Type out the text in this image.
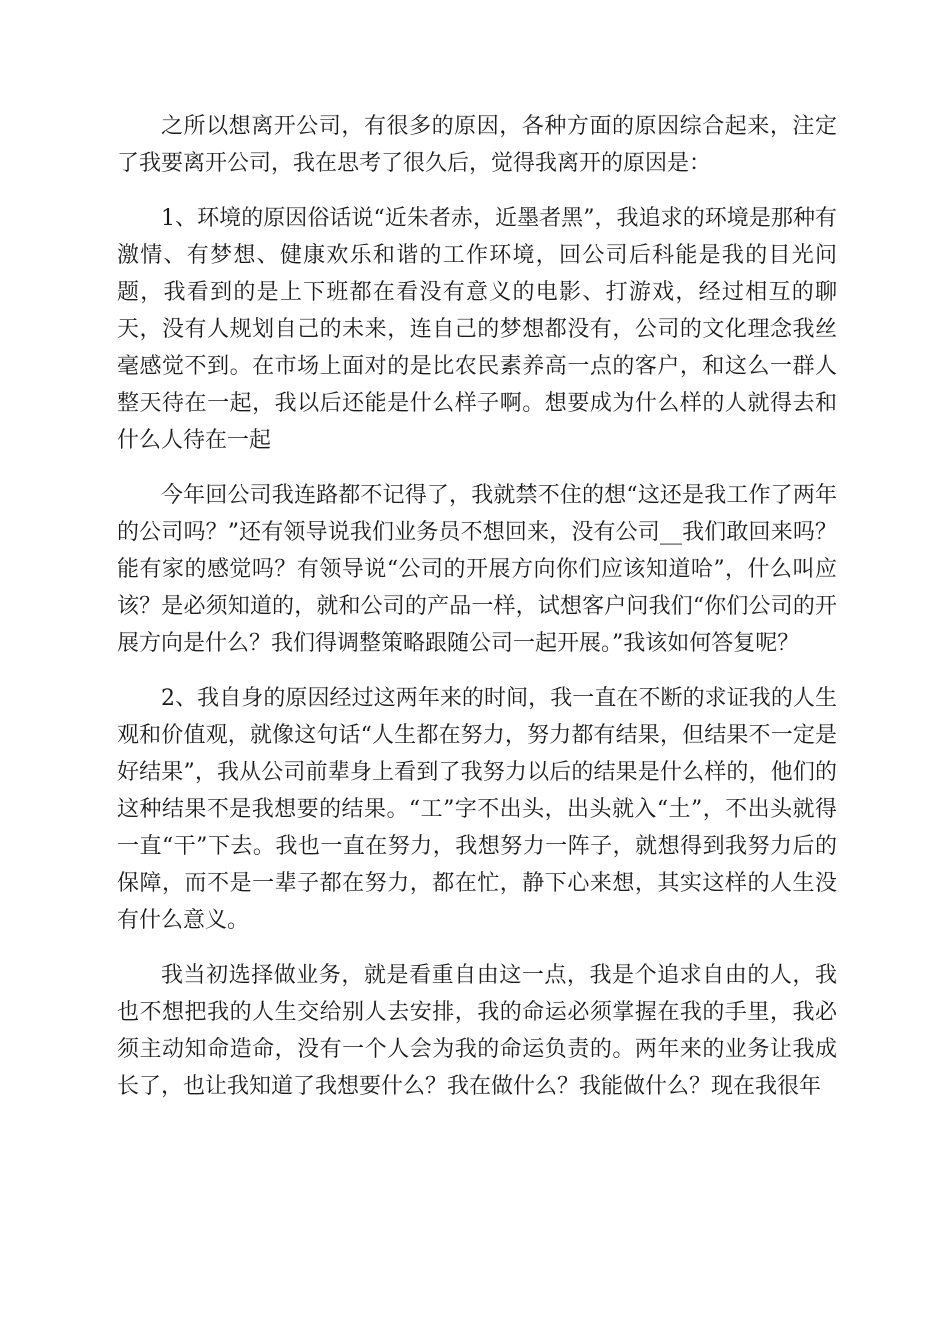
之所以想离开公司，有很多的原因，各种方面的原因综合起来，注定了我要离开公司，我在思考了很久后，觉得我离开的原因是：

1、环境的原因俗话说“近朱者赤，近墨者黑”，我追求的环境是那种有激情、有梦想、健康欢乐和谐的工作环境，回公司后科能是我的目光问题，我看到的是上下班都在看没有意义的电影、打游戏，经过相互的聊天，没有人规划自己的未来，连自己的梦想都没有，公司的文化理念我丝毫感觉不到。在市场上面对的是比农民素养高一点的客户，和这么一群人整天待在一起，我以后还能是什么样子啊。想要成为什么样的人就得去和什么人待在一起

今年回公司我连路都不记得了，我就禁不住的想“这还是我工作了两年的公司吗？”还有领导说我们业务员不想回来，没有公司__我们敢回来吗？能有家的感觉吗？有领导说“公司的开展方向你们应该知道哈”，什么叫应该？是必须知道的，就和公司的产品一样，试想客户问我们“你们公司的开展方向是什么？我们得调整策略跟随公司一起开展。”我该如何答复呢？

2、我自身的原因经过这两年来的时间，我一直在不断的求证我的人生观和价值观，就像这句话“人生都在努力，努力都有结果，但结果不一定是好结果”，我从公司前辈身上看到了我努力以后的结果是什么样的，他们的这种结果不是我想要的结果。“工”字不出头，出头就入“土”，不出头就得一直“干”下去。我也一直在努力，我想努力一阵子，就想得到我努力后的保障，而不是一辈子都在努力，都在忙，静下心来想，其实这样的人生没有什么意义。

我当初选择做业务，就是看重自由这一点，我是个追求自由的人，我也不想把我的人生交给别人去安排，我的命运必须掌握在我的手里，我必须主动知命造命，没有一个人会为我的命运负责的。两年来的业务让我成长了，也让我知道了我想要什么？我在做什么？我能做什么？现在我很年
